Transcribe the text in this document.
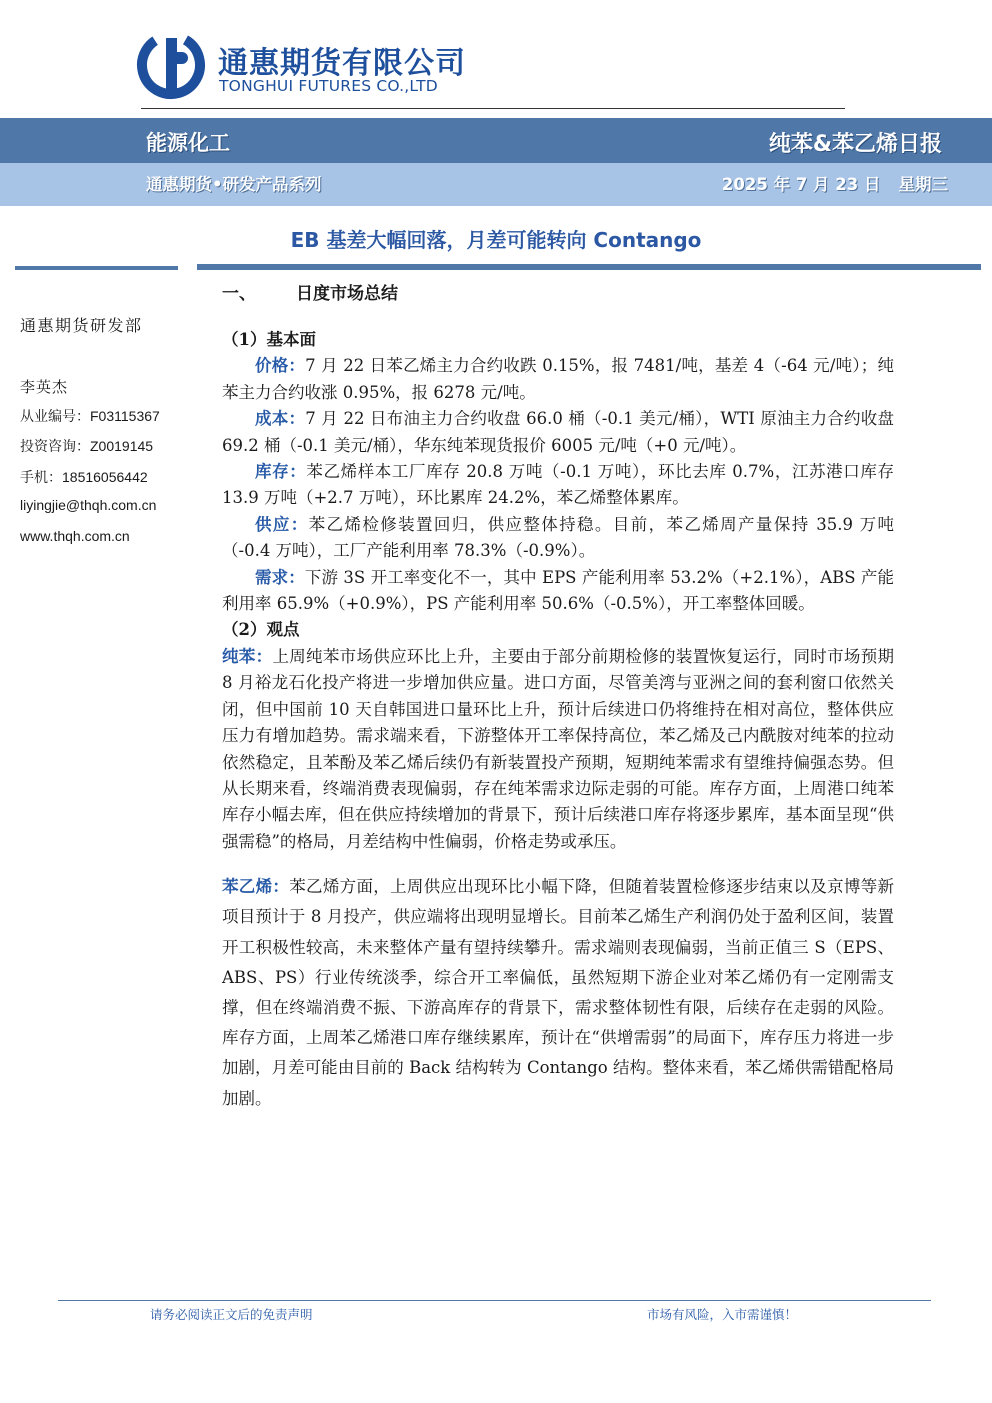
通惠期货有限公司
TONGHUI FUTURES CO.,LTD
能源化工	纯苯&苯乙烯日报
通惠期货•研发产品系列	2025 年 7 月 23 日 星期三
EB 基差大幅回落，月差可能转向 Contango
通惠期货研发部
李英杰
从业编号：F03115367
投资咨询：Z0019145
手机：18516056442
liyingjie@thqh.com.cn
www.thqh.com.cn
一、 日度市场总结

（1）基本面

价格：7 月 22 日苯乙烯主力合约收跌 0.15%，报 7481/吨，基差 4（-64 元/吨）；纯苯主力合约收涨 0.95%，报 6278 元/吨。

成本：7 月 22 日布油主力合约收盘 66.0 桶（-0.1 美元/桶），WTI 原油主力合约收盘 69.2 桶（-0.1 美元/桶），华东纯苯现货报价 6005 元/吨（+0 元/吨）。

库存：苯乙烯样本工厂库存 20.8 万吨（-0.1 万吨），环比去库 0.7%，江苏港口库存 13.9 万吨（+2.7 万吨），环比累库 24.2%，苯乙烯整体累库。

供应：苯乙烯检修装置回归，供应整体持稳。目前，苯乙烯周产量保持 35.9 万吨（-0.4 万吨），工厂产能利用率 78.3%（-0.9%）。

需求：下游 3S 开工率变化不一，其中 EPS 产能利用率 53.2%（+2.1%），ABS 产能利用率 65.9%（+0.9%），PS 产能利用率 50.6%（-0.5%），开工率整体回暖。

（2）观点

纯苯：上周纯苯市场供应环比上升，主要由于部分前期检修的装置恢复运行，同时市场预期 8 月裕龙石化投产将进一步增加供应量。进口方面，尽管美湾与亚洲之间的套利窗口依然关闭，但中国前 10 天自韩国进口量环比上升，预计后续进口仍将维持在相对高位，整体供应压力有增加趋势。需求端来看，下游整体开工率保持高位，苯乙烯及己内酰胺对纯苯的拉动依然稳定，且苯酚及苯乙烯后续仍有新装置投产预期，短期纯苯需求有望维持偏强态势。但从长期来看，终端消费表现偏弱，存在纯苯需求边际走弱的可能。库存方面，上周港口纯苯库存小幅去库，但在供应持续增加的背景下，预计后续港口库存将逐步累库，基本面呈现“供强需稳”的格局，月差结构中性偏弱，价格走势或承压。

苯乙烯：苯乙烯方面，上周供应出现环比小幅下降，但随着装置检修逐步结束以及京博等新项目预计于 8 月投产，供应端将出现明显增长。目前苯乙烯生产利润仍处于盈利区间，装置开工积极性较高，未来整体产量有望持续攀升。需求端则表现偏弱，当前正值三 S（EPS、ABS、PS）行业传统淡季，综合开工率偏低，虽然短期下游企业对苯乙烯仍有一定刚需支撑，但在终端消费不振、下游高库存的背景下，需求整体韧性有限，后续存在走弱的风险。库存方面，上周苯乙烯港口库存继续累库，预计在“供增需弱”的局面下，库存压力将进一步加剧，月差可能由目前的 Back 结构转为 Contango 结构。整体来看，苯乙烯供需错配格局加剧。

请务必阅读正文后的免责声明	市场有风险，入市需谨慎！
